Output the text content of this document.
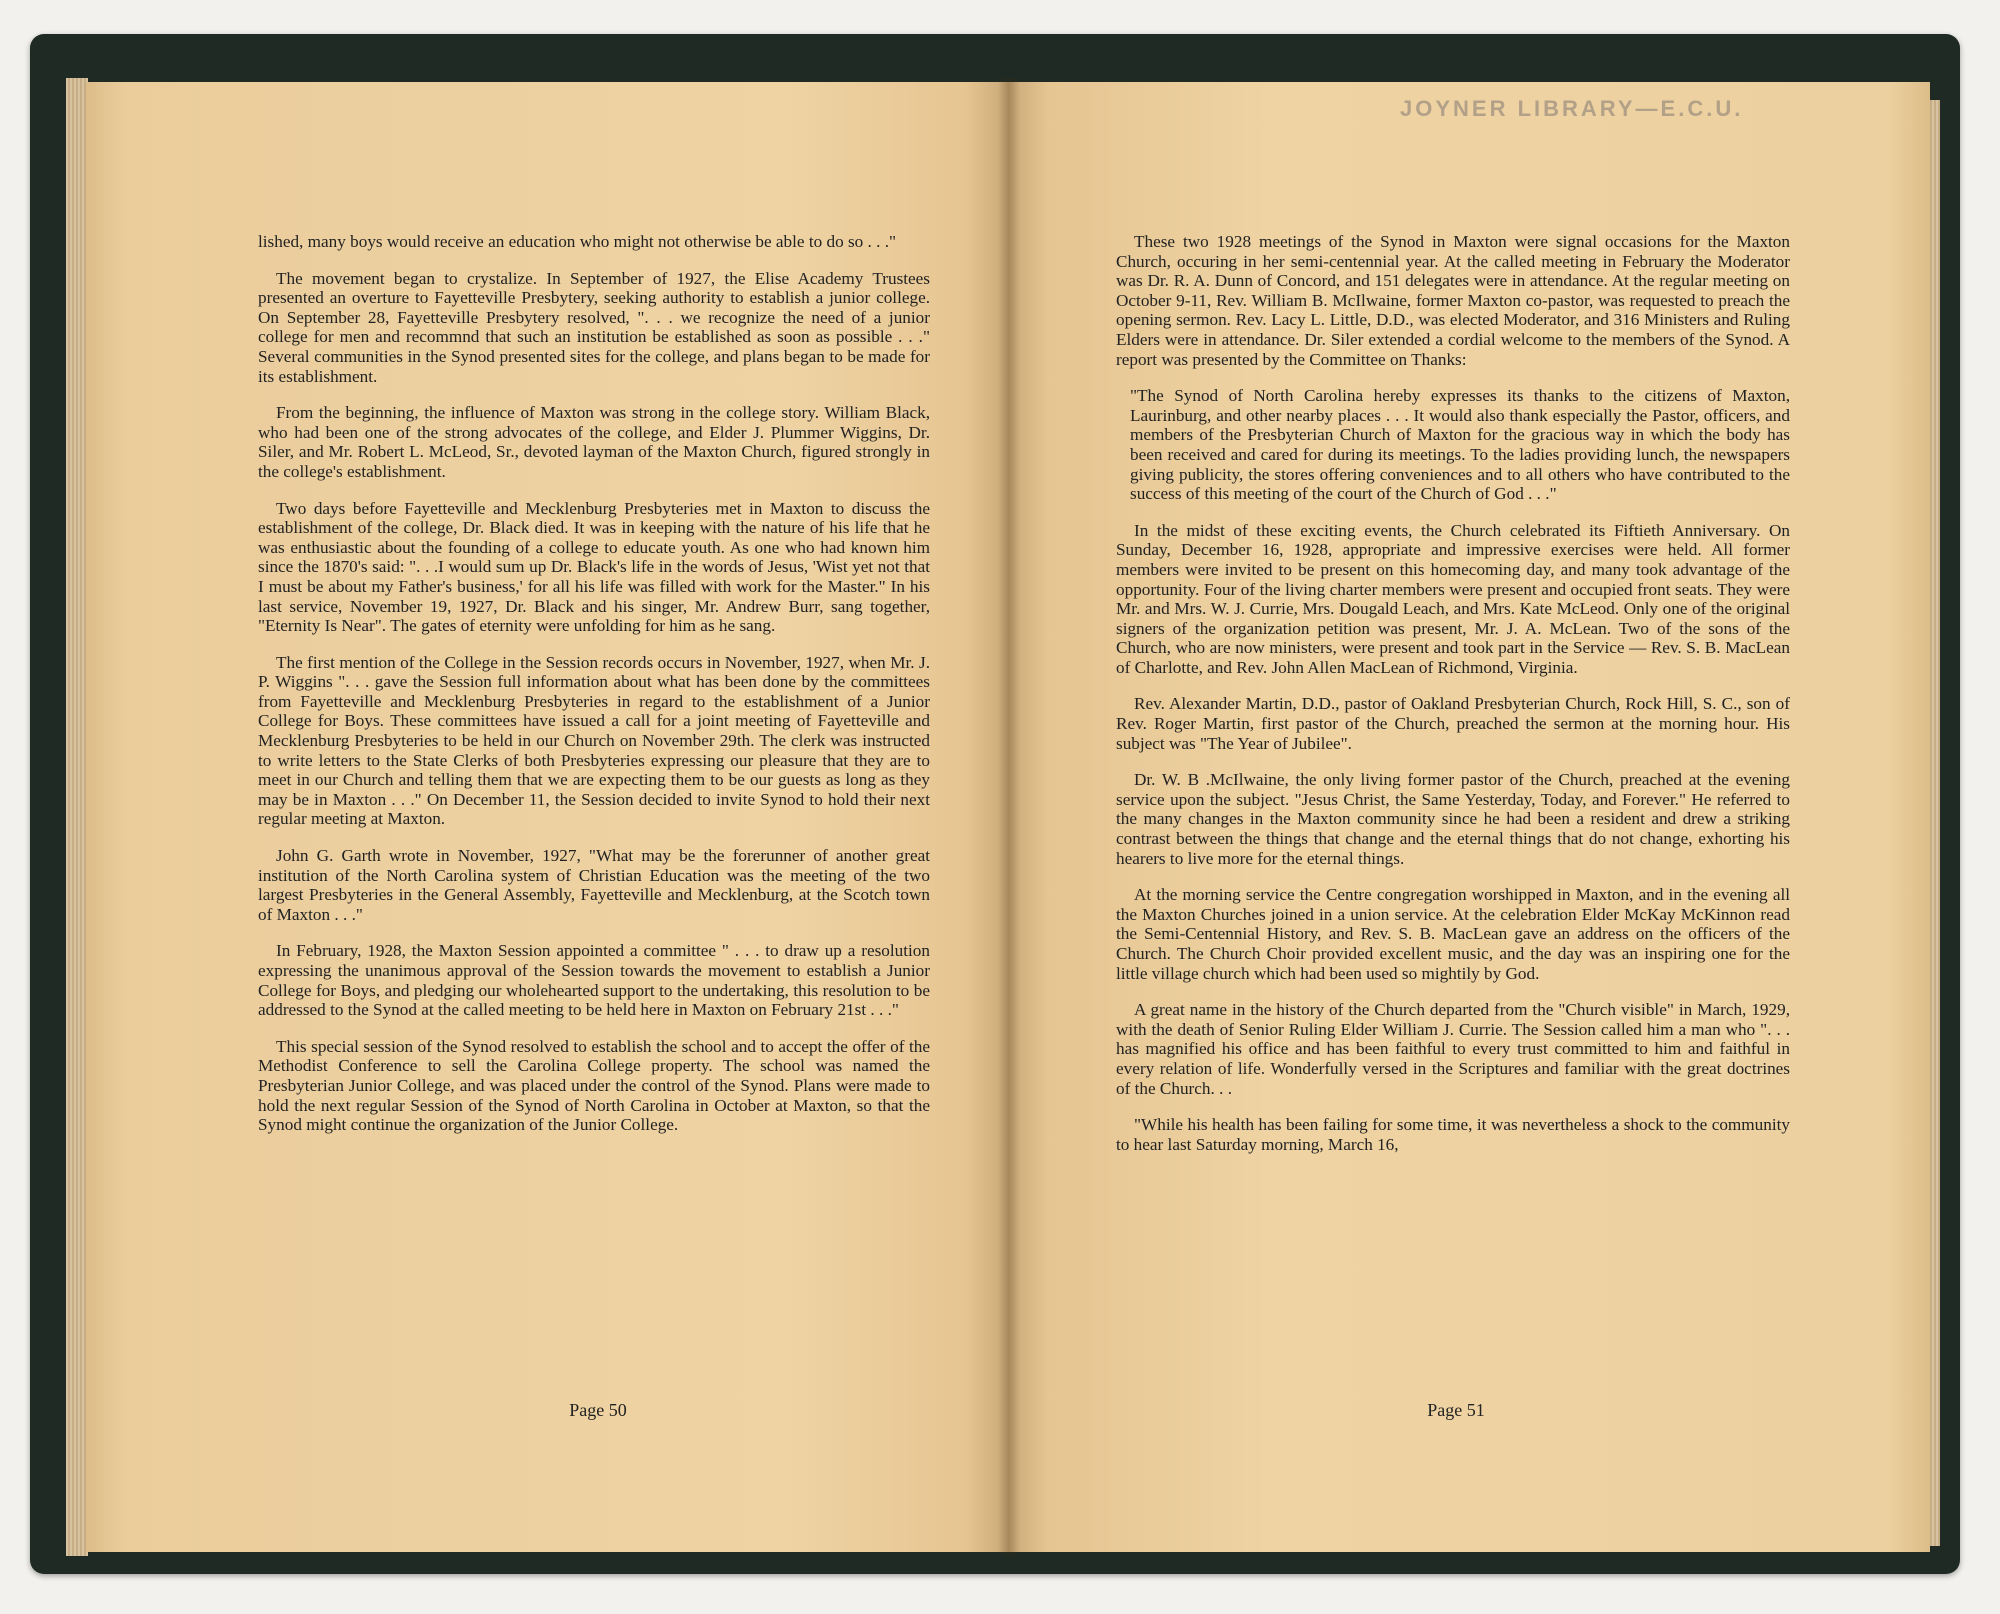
lished, many boys would receive an education who might not otherwise be able to do so . . ."

The movement began to crystalize. In September of 1927, the Elise Academy Trustees presented an overture to Fayetteville Presbytery, seeking authority to establish a junior college. On September 28, Fayetteville Presbytery resolved, ". . . we recognize the need of a junior college for men and recommnd that such an institution be established as soon as possible . . ." Several communities in the Synod presented sites for the college, and plans began to be made for its establishment.

From the beginning, the influence of Maxton was strong in the college story. William Black, who had been one of the strong advocates of the college, and Elder J. Plummer Wiggins, Dr. Siler, and Mr. Robert L. McLeod, Sr., devoted layman of the Maxton Church, figured strongly in the college's establishment.

Two days before Fayetteville and Mecklenburg Presbyteries met in Maxton to discuss the establishment of the college, Dr. Black died. It was in keeping with the nature of his life that he was enthusiastic about the founding of a college to educate youth. As one who had known him since the 1870's said: ". . .I would sum up Dr. Black's life in the words of Jesus, 'Wist yet not that I must be about my Father's business,' for all his life was filled with work for the Master." In his last service, November 19, 1927, Dr. Black and his singer, Mr. Andrew Burr, sang together, "Eternity Is Near". The gates of eternity were unfolding for him as he sang.

The first mention of the College in the Session records occurs in November, 1927, when Mr. J. P. Wiggins ". . . gave the Session full information about what has been done by the committees from Fayetteville and Mecklenburg Presbyteries in regard to the establishment of a Junior College for Boys. These committees have issued a call for a joint meeting of Fayetteville and Mecklenburg Presbyteries to be held in our Church on November 29th. The clerk was instructed to write letters to the State Clerks of both Presbyteries expressing our pleasure that they are to meet in our Church and telling them that we are expecting them to be our guests as long as they may be in Maxton . . ." On December 11, the Session decided to invite Synod to hold their next regular meeting at Maxton.

John G. Garth wrote in November, 1927, "What may be the forerunner of another great institution of the North Carolina system of Christian Education was the meeting of the two largest Presbyteries in the General Assembly, Fayetteville and Mecklenburg, at the Scotch town of Maxton . . ."

In February, 1928, the Maxton Session appointed a committee " . . . to draw up a resolution expressing the unanimous approval of the Session towards the movement to establish a Junior College for Boys, and pledging our wholehearted support to the undertaking, this resolution to be addressed to the Synod at the called meeting to be held here in Maxton on February 21st . . ."

This special session of the Synod resolved to establish the school and to accept the offer of the Methodist Conference to sell the Carolina College property. The school was named the Presbyterian Junior College, and was placed under the control of the Synod. Plans were made to hold the next regular Session of the Synod of North Carolina in October at Maxton, so that the Synod might continue the organization of the Junior College.

Page 50

These two 1928 meetings of the Synod in Maxton were signal occasions for the Maxton Church, occuring in her semi-centennial year. At the called meeting in February the Moderator was Dr. R. A. Dunn of Concord, and 151 delegates were in attendance. At the regular meeting on October 9-11, Rev. William B. McIlwaine, former Maxton co-pastor, was requested to preach the opening sermon. Rev. Lacy L. Little, D.D., was elected Moderator, and 316 Ministers and Ruling Elders were in attendance. Dr. Siler extended a cordial welcome to the members of the Synod. A report was presented by the Committee on Thanks:

"The Synod of North Carolina hereby expresses its thanks to the citizens of Maxton, Laurinburg, and other nearby places . . . It would also thank especially the Pastor, officers, and members of the Presbyterian Church of Maxton for the gracious way in which the body has been received and cared for during its meetings. To the ladies providing lunch, the newspapers giving publicity, the stores offering conveniences and to all others who have contributed to the success of this meeting of the court of the Church of God . . ."

In the midst of these exciting events, the Church celebrated its Fiftieth Anniversary. On Sunday, December 16, 1928, appropriate and impressive exercises were held. All former members were invited to be present on this homecoming day, and many took advantage of the opportunity. Four of the living charter members were present and occupied front seats. They were Mr. and Mrs. W. J. Currie, Mrs. Dougald Leach, and Mrs. Kate McLeod. Only one of the original signers of the organization petition was present, Mr. J. A. McLean. Two of the sons of the Church, who are now ministers, were present and took part in the Service — Rev. S. B. MacLean of Charlotte, and Rev. John Allen MacLean of Richmond, Virginia.

Rev. Alexander Martin, D.D., pastor of Oakland Presbyterian Church, Rock Hill, S. C., son of Rev. Roger Martin, first pastor of the Church, preached the sermon at the morning hour. His subject was "The Year of Jubilee".

Dr. W. B .McIlwaine, the only living former pastor of the Church, preached at the evening service upon the subject. "Jesus Christ, the Same Yesterday, Today, and Forever." He referred to the many changes in the Maxton community since he had been a resident and drew a striking contrast between the things that change and the eternal things that do not change, exhorting his hearers to live more for the eternal things.

At the morning service the Centre congregation worshipped in Maxton, and in the evening all the Maxton Churches joined in a union service. At the celebration Elder McKay McKinnon read the Semi-Centennial History, and Rev. S. B. MacLean gave an address on the officers of the Church. The Church Choir provided excellent music, and the day was an inspiring one for the little village church which had been used so mightily by God.

A great name in the history of the Church departed from the "Church visible" in March, 1929, with the death of Senior Ruling Elder William J. Currie. The Session called him a man who ". . . has magnified his office and has been faithful to every trust committed to him and faithful in every relation of life. Wonderfully versed in the Scriptures and familiar with the great doctrines of the Church. . .

"While his health has been failing for some time, it was nevertheless a shock to the community to hear last Saturday morning, March 16,

Page 51
JOYNER LIBRARY—E.C.U.
